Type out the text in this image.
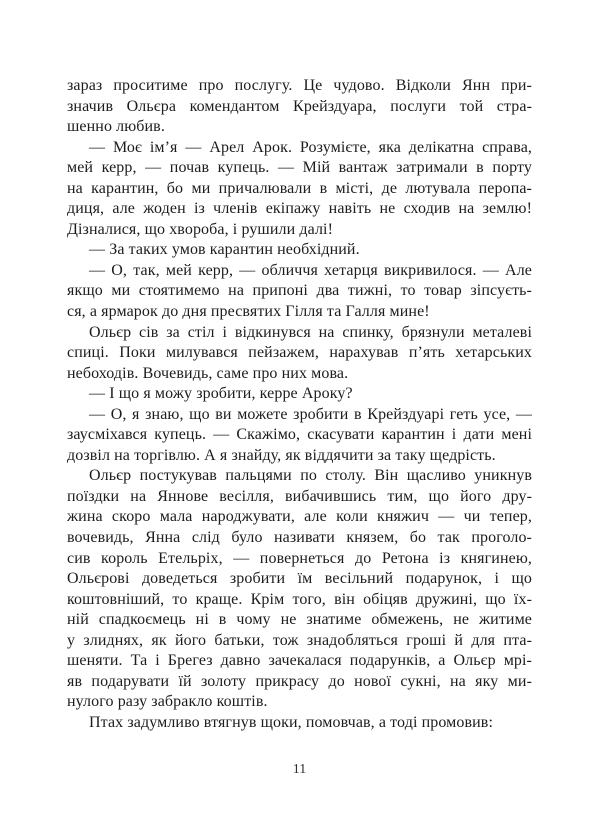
зараз проситиме про послугу. Це чудово. Відколи Янн при-
значив Ольєра комендантом Крейздуара, послуги той стра-
шенно любив.
— Моє ім’я — Арел Арок. Розумієте, яка делікатна справа,
мей керр, — почав купець. — Мій вантаж затримали в порту
на карантин, бо ми причалювали в місті, де лютувала перопа-
диця, але жоден із членів екіпажу навіть не сходив на землю!
Дізналися, що хвороба, і рушили далі!
— За таких умов карантин необхідний.
— О, так, мей керр, — обличчя хетарця викривилося. — Але
якщо ми стоятимемо на припоні два тижні, то товар зіпсуєть-
ся, а ярмарок до дня пресвятих Гілля та Галля мине!
Ольєр сів за стіл і відкинувся на спинку, брязнули металеві
спиці. Поки милувався пейзажем, нарахував п’ять хетарських
небоходів. Вочевидь, саме про них мова.
— І що я можу зробити, керре Ароку?
— О, я знаю, що ви можете зробити в Крейздуарі геть усе, —
заусміхався купець. — Скажімо, скасувати карантин і дати мені
дозвіл на торгівлю. А я знайду, як віддячити за таку щедрість.
Ольєр постукував пальцями по столу. Він щасливо уникнув
поїздки на Яннове весілля, вибачившись тим, що його дру-
жина скоро мала народжувати, але коли княжич — чи тепер,
вочевидь, Янна слід було називати князем, бо так проголо-
сив король Етельріх, — повернеться до Ретона із княгинею,
Ольєрові доведеться зробити їм весільний подарунок, і що
коштовніший, то краще. Крім того, він обіцяв дружині, що їх-
ній спадкоємець ні в чому не знатиме обмежень, не житиме
у злиднях, як його батьки, тож знадобляться гроші й для пта-
шеняти. Та і Брегез давно зачекалася подарунків, а Ольєр мрі-
яв подарувати їй золоту прикрасу до нової сукні, на яку ми-
нулого разу забракло коштів.
Птах задумливо втягнув щоки, помовчав, а тоді промовив:
11
